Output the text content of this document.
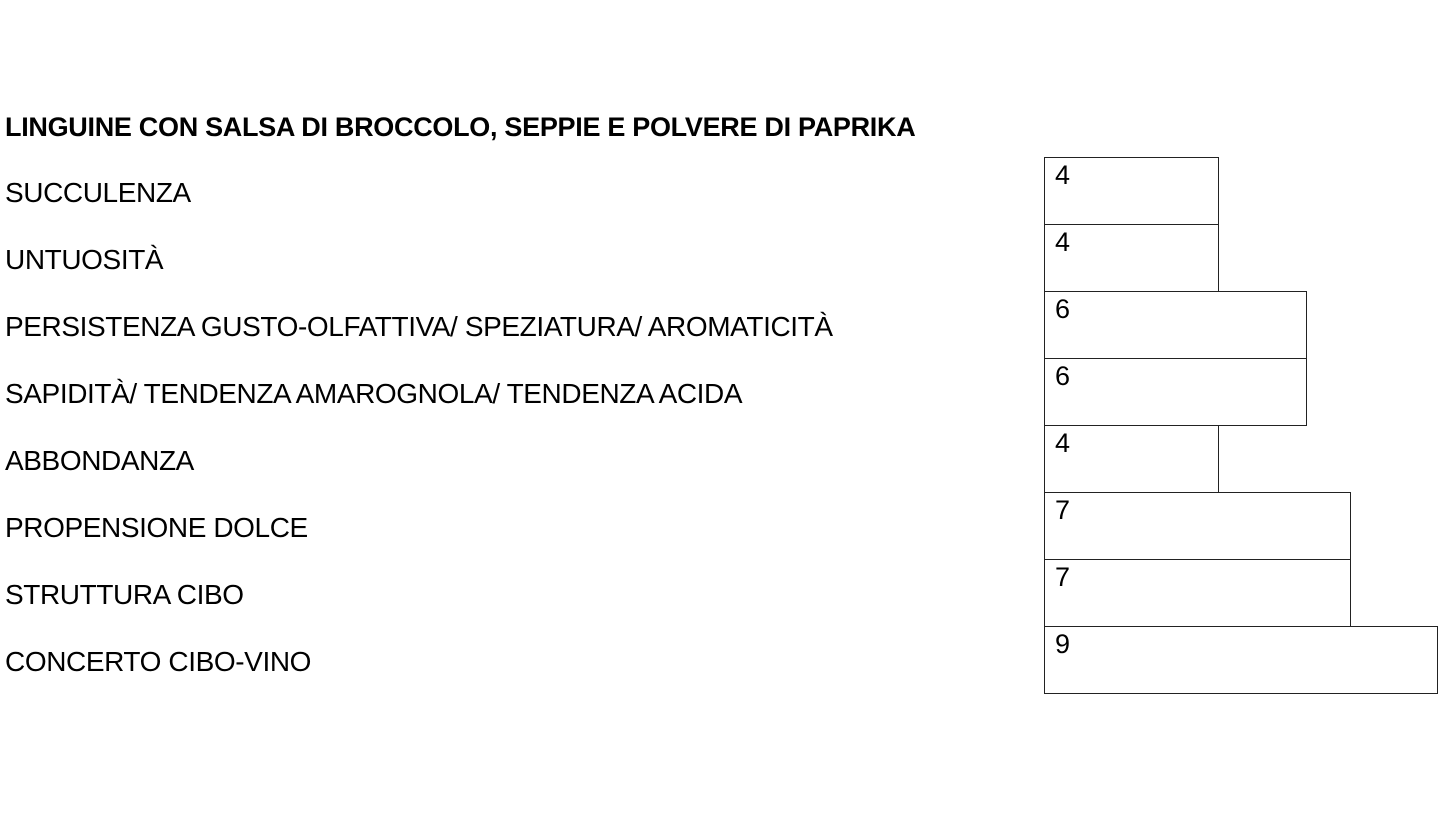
LINGUINE CON SALSA DI BROCCOLO, SEPPIE E POLVERE DI PAPRIKA
SUCCULENZA
4
UNTUOSITÀ
4
PERSISTENZA GUSTO-OLFATTIVA/ SPEZIATURA/ AROMATICITÀ
6
SAPIDITÀ/ TENDENZA AMAROGNOLA/ TENDENZA ACIDA
6
ABBONDANZA
4
PROPENSIONE DOLCE
7
STRUTTURA CIBO
7
CONCERTO CIBO-VINO
9
